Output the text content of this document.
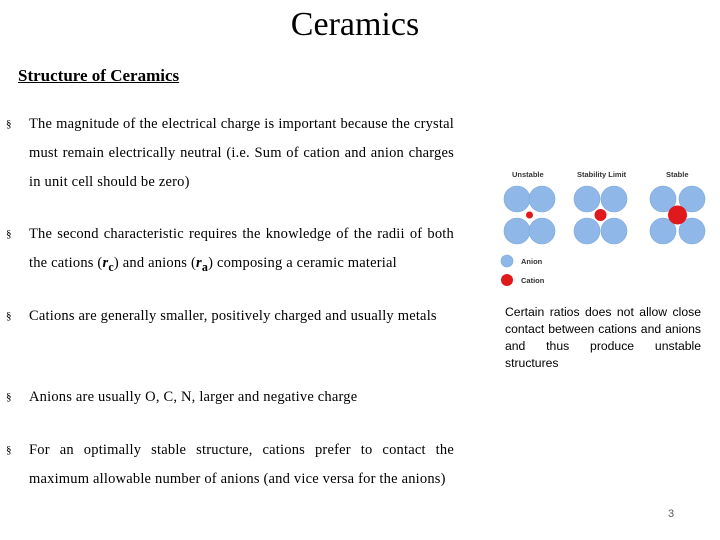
Ceramics
Structure of Ceramics
§ The magnitude of the electrical charge is important because the crystal must remain electrically neutral (i.e. Sum of cation and anion charges in unit cell should be zero)
§ The second characteristic requires the knowledge of the radii of both the cations $(r_c)$ and anions $(r_a)$ composing a ceramic material
§ Cations are generally smaller, positively charged and usually metals
§ Anions are usually O, C, N, larger and negative charge
§ For an optimally stable structure, cations prefer to contact the maximum allowable number of anions (and vice versa for the anions)
Unstable	Stability Limit	Stable
Anion
Cation
Certain ratios does not allow close contact between cations and anions and thus produce unstable structures
3
